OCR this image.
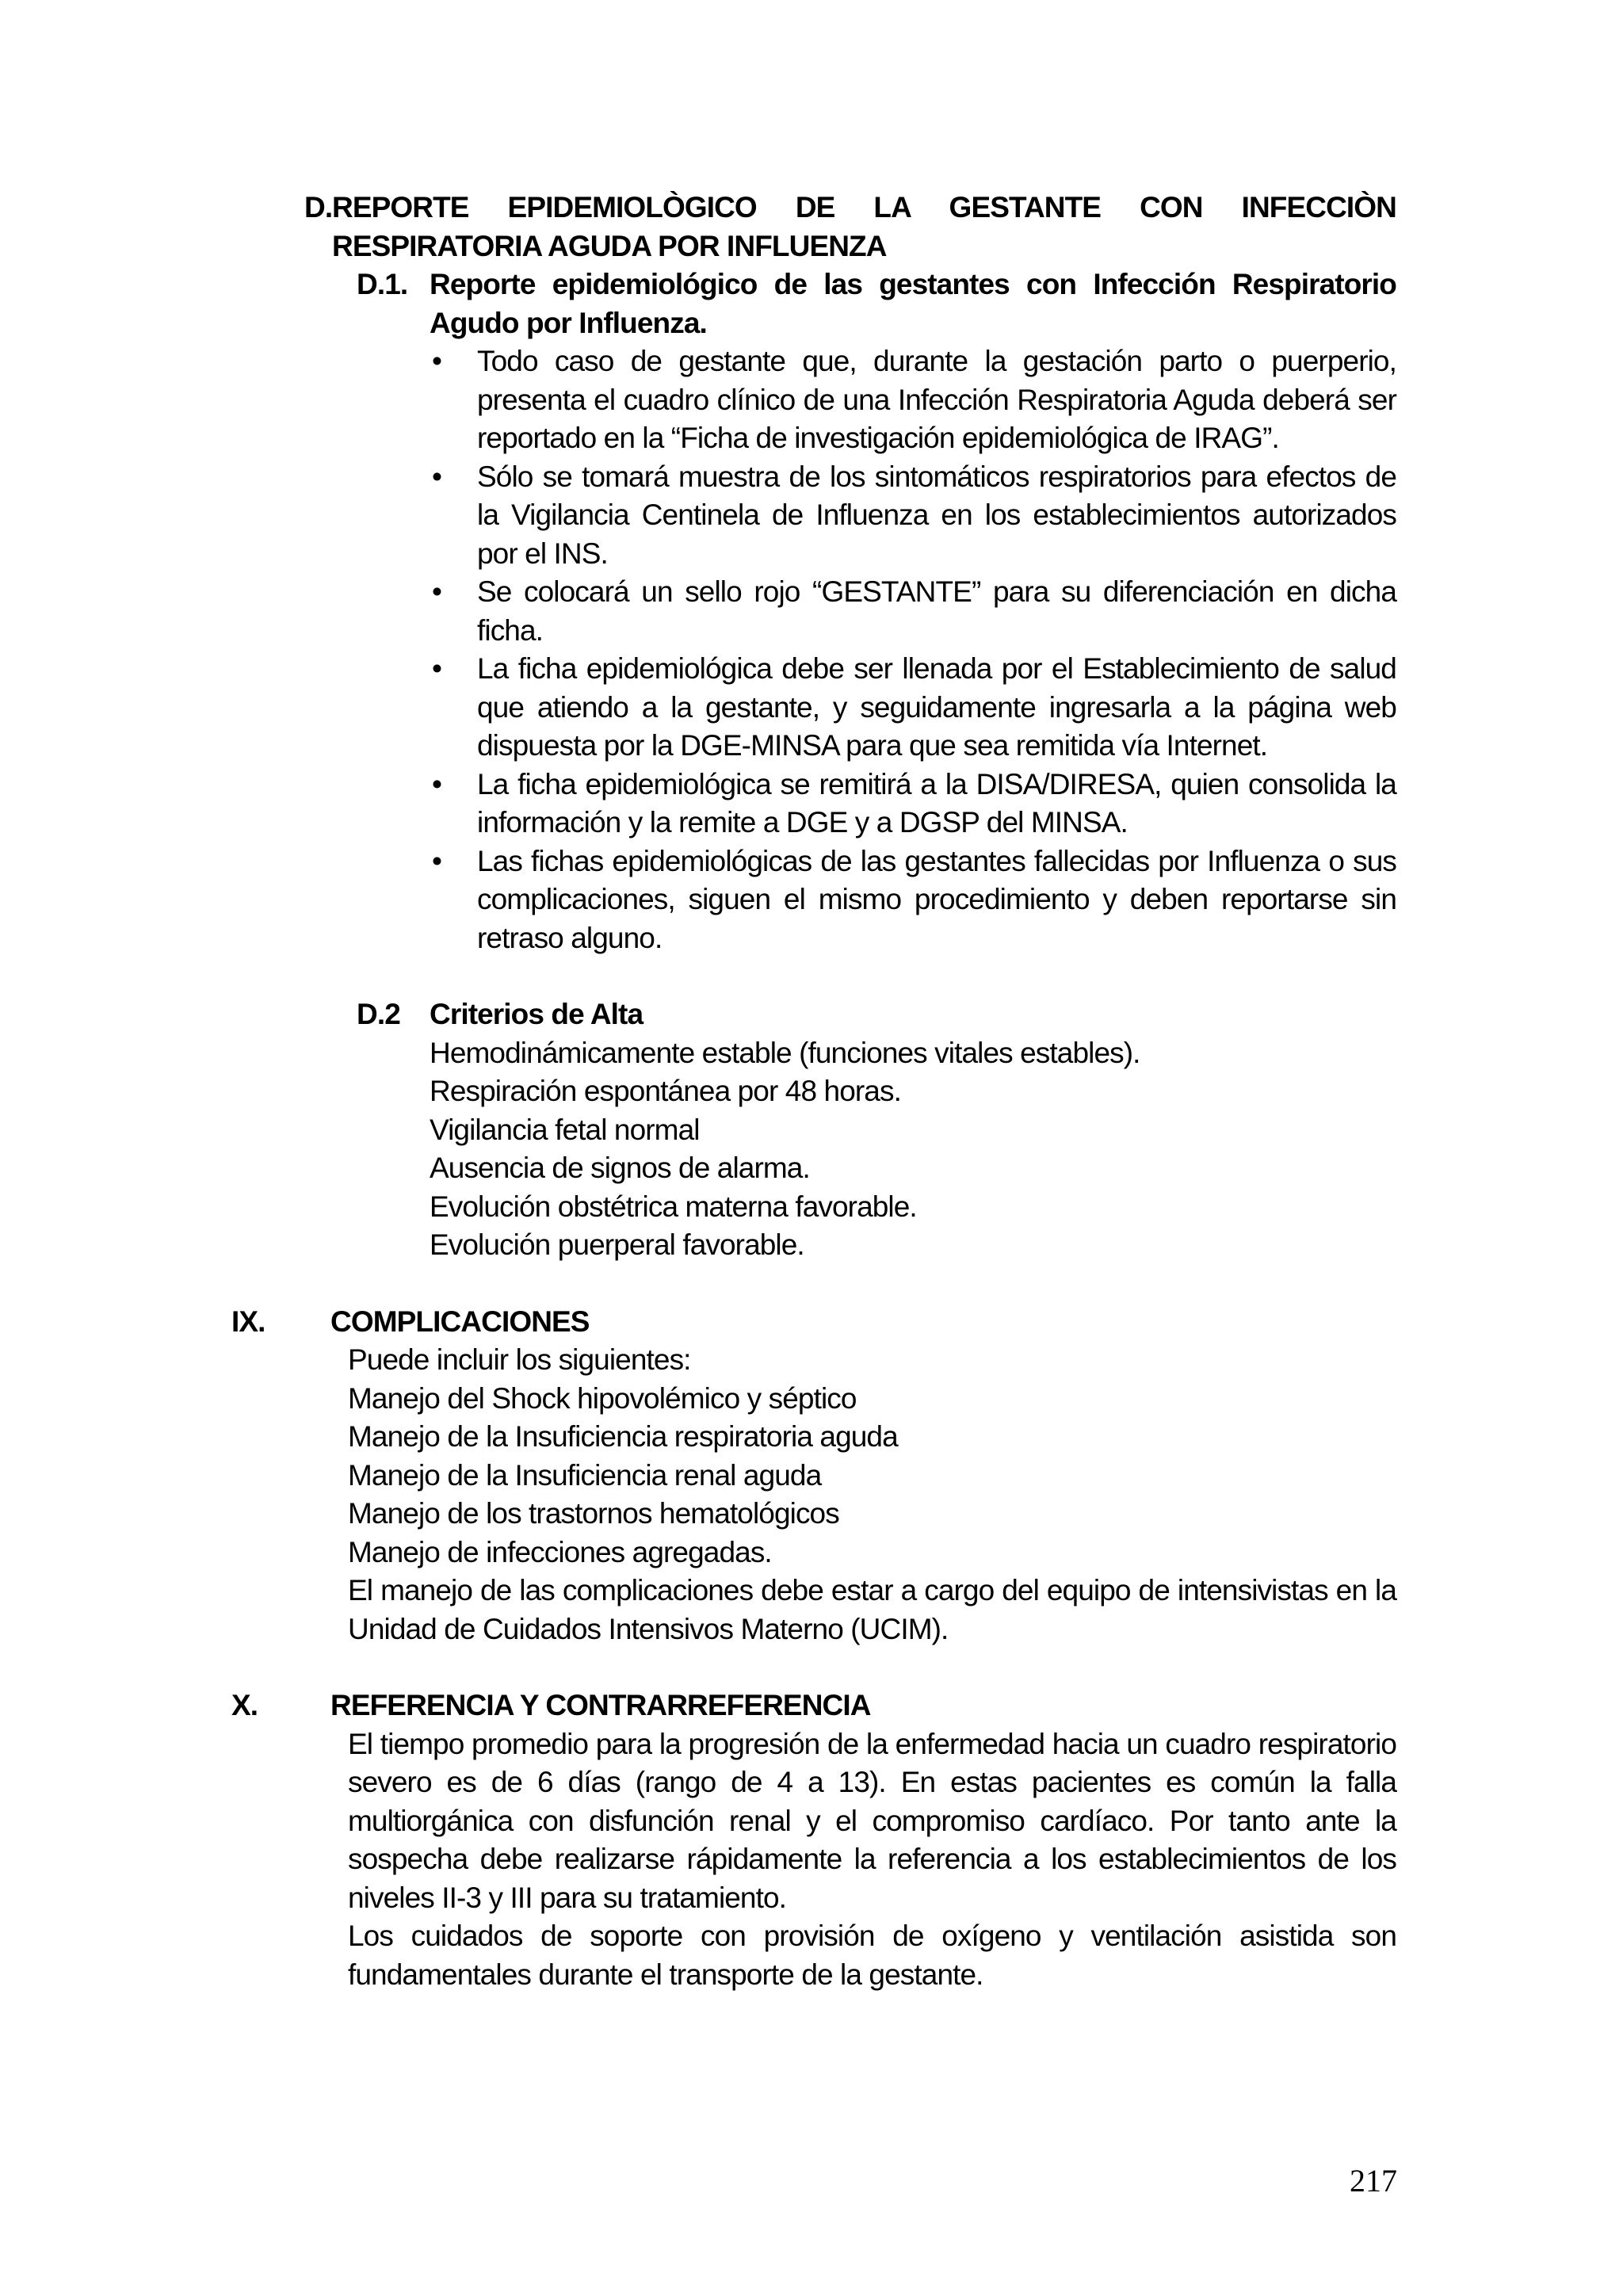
D. REPORTE EPIDEMIOLÒGICO DE LA GESTANTE CON INFECCIÒN RESPIRATORIA AGUDA POR INFLUENZA
D.1. Reporte epidemiológico de las gestantes con Infección Respiratorio Agudo por Influenza.
• Todo caso de gestante que, durante la gestación parto o puerperio, presenta el cuadro clínico de una Infección Respiratoria Aguda deberá ser reportado en la “Ficha de investigación epidemiológica de IRAG”.
• Sólo se tomará muestra de los sintomáticos respiratorios para efectos de la Vigilancia Centinela de Influenza en los establecimientos autorizados por el INS.
• Se colocará un sello rojo “GESTANTE” para su diferenciación en dicha ficha.
• La ficha epidemiológica debe ser llenada por el Establecimiento de salud que atiendo a la gestante, y seguidamente ingresarla a la página web dispuesta por la DGE-MINSA para que sea remitida vía Internet.
• La ficha epidemiológica se remitirá a la DISA/DIRESA, quien consolida la información y la remite a DGE y a DGSP del MINSA.
• Las fichas epidemiológicas de las gestantes fallecidas por Influenza o sus complicaciones, siguen el mismo procedimiento y deben reportarse sin retraso alguno.
D.2 Criterios de Alta
Hemodinámicamente estable (funciones vitales estables).
Respiración espontánea por 48 horas.
Vigilancia fetal normal
Ausencia de signos de alarma.
Evolución obstétrica materna favorable.
Evolución puerperal favorable.
IX. COMPLICACIONES
Puede incluir los siguientes:
Manejo del Shock hipovolémico y séptico
Manejo de la Insuficiencia respiratoria aguda
Manejo de la Insuficiencia renal aguda
Manejo de los trastornos hematológicos
Manejo de infecciones agregadas.
El manejo de las complicaciones debe estar a cargo del equipo de intensivistas en la Unidad de Cuidados Intensivos Materno (UCIM).
X. REFERENCIA Y CONTRARREFERENCIA
El tiempo promedio para la progresión de la enfermedad hacia un cuadro respiratorio severo es de 6 días (rango de 4 a 13). En estas pacientes es común la falla multiorgánica con disfunción renal y el compromiso cardíaco. Por tanto ante la sospecha debe realizarse rápidamente la referencia a los establecimientos de los niveles II-3 y III para su tratamiento.
Los cuidados de soporte con provisión de oxígeno y ventilación asistida son fundamentales durante el transporte de la gestante.
217
